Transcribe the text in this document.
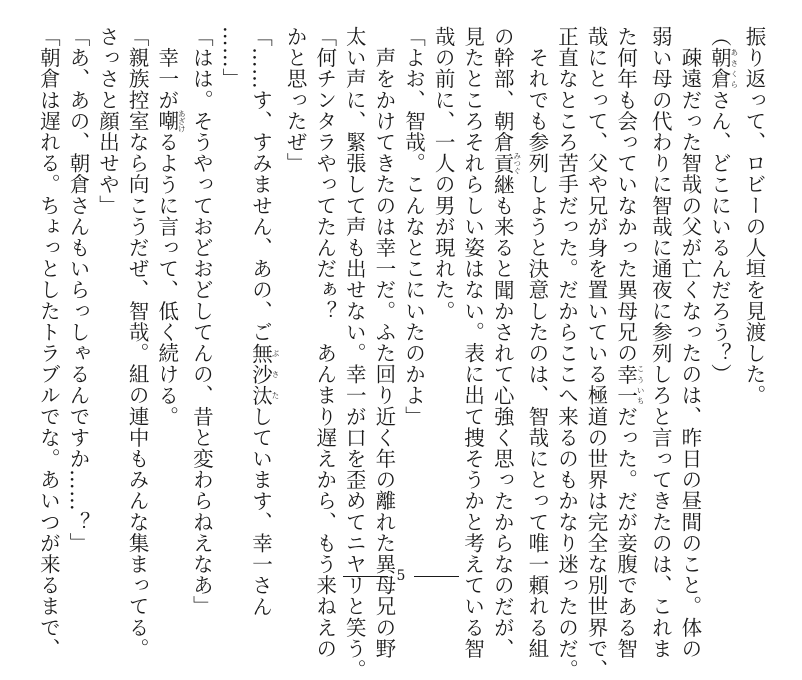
振り返って、ロビーの人垣を見渡した。
（朝倉あさくらさん、どこにいるんだろう？）
　疎遠だった智哉の父が亡くなったのは、昨日の昼間のこと。体の
弱い母の代わりに智哉に通夜に参列しろと言ってきたのは、これま
た何年も会っていなかった異母兄の幸一こういちだった。だが妾腹である智
哉にとって、父や兄が身を置いている極道の世界は完全な別世界で、
正直なところ苦手だった。だからここへ来るのもかなり迷ったのだ。
　それでも参列しようと決意したのは、智哉にとって唯一頼れる組
の幹部、朝倉貢みつぐ継も来ると聞かされて心強く思ったからなのだが、
見たところそれらしい姿はない。表に出て捜そうかと考えている智
哉の前に、一人の男が現れた。
「よお、智哉。こんなとこにいたのかよ」
　声をかけてきたのは幸一だ。ふた回り近く年の離れた異母兄の野
太い声に、緊張して声も出せない。幸一が口を歪めてニヤリと笑う。
「何チンタラやってたんだぁ？　あんまり遅えから、もう来ねえの
かと思ったぜ」
「……す、すみません、あの、ご無沙汰ぶさたしています、幸一さん
……」
「はは。そうやっておどおどしてんの、昔と変わらねえなあ」
　幸一が嘲あざけるように言って、低く続ける。
「親族控室なら向こうだぜ、智哉。組の連中もみんな集まってる。
さっさと顔出せや」
「あ、あの、朝倉さんもいらっしゃるんですか……？」
「朝倉は遅れる。ちょっとしたトラブルでな。あいつが来るまで、	5
